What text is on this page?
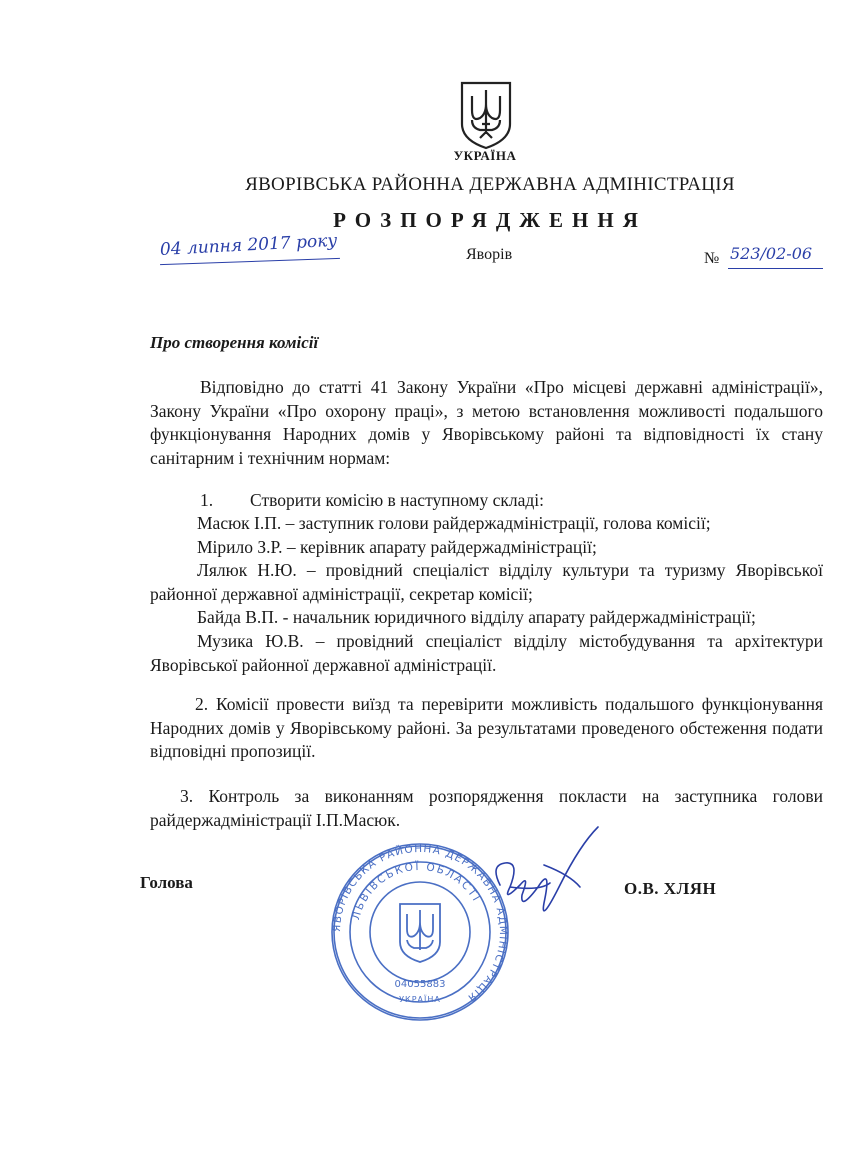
УКРАЇНА
ЯВОРІВСЬКА РАЙОННА ДЕРЖАВНА АДМІНІСТРАЦІЯ
РОЗПОРЯДЖЕННЯ
04 липня 2017 року	Яворів	№ 523/02-06
Про створення комісії
Відповідно до статті 41 Закону України «Про місцеві державні адміністрації», Закону України «Про охорону праці», з метою встановлення можливості подальшого функціонування Народних домів у Яворівському районі та відповідності їх стану санітарним і технічним нормам:
1. Створити комісію в наступному складі:
Масюк І.П. – заступник голови райдержадміністрації, голова комісії;
Мірило З.Р. – керівник апарату райдержадміністрації;
Лялюк Н.Ю. – провідний спеціаліст відділу культури та туризму Яворівської районної державної адміністрації, секретар комісії;
Байда В.П. - начальник юридичного відділу апарату райдержадміністрації;
Музика Ю.В. – провідний спеціаліст відділу містобудування та архітектури Яворівської районної державної адміністрації.
2. Комісії провести виїзд та перевірити можливість подальшого функціонування Народних домів у Яворівському районі. За результатами проведеного обстеження подати відповідні пропозиції.
3. Контроль за виконанням розпорядження покласти на заступника голови райдержадміністрації І.П.Масюк.
ЯВОРІВСЬКА РАЙОННА ДЕРЖАВНА АДМІНІСТРАЦІЯ
ЛЬВІВСЬКОЇ ОБЛАСТІ
04055883
УКРАЇНА
Голова	О.В. ХЛЯН
